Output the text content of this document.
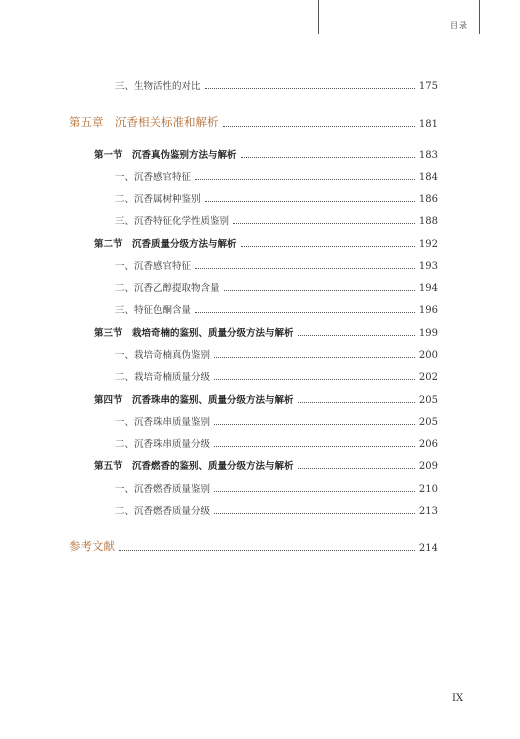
目录
三、生物活性的对比	175
第五章　沉香相关标准和解析	181
第一节　沉香真伪鉴别方法与解析	183
一、沉香感官特征	184
二、沉香属树种鉴别	186
三、沉香特征化学性质鉴别	188
第二节　沉香质量分级方法与解析	192
一、沉香感官特征	193
二、沉香乙醇提取物含量	194
三、特征色酮含量	196
第三节　栽培奇楠的鉴别、质量分级方法与解析	199
一、栽培奇楠真伪鉴别	200
二、栽培奇楠质量分级	202
第四节　沉香珠串的鉴别、质量分级方法与解析	205
一、沉香珠串质量鉴别	205
二、沉香珠串质量分级	206
第五节　沉香燃香的鉴别、质量分级方法与解析	209
一、沉香燃香质量鉴别	210
二、沉香燃香质量分级	213
参考文献	214
IX
